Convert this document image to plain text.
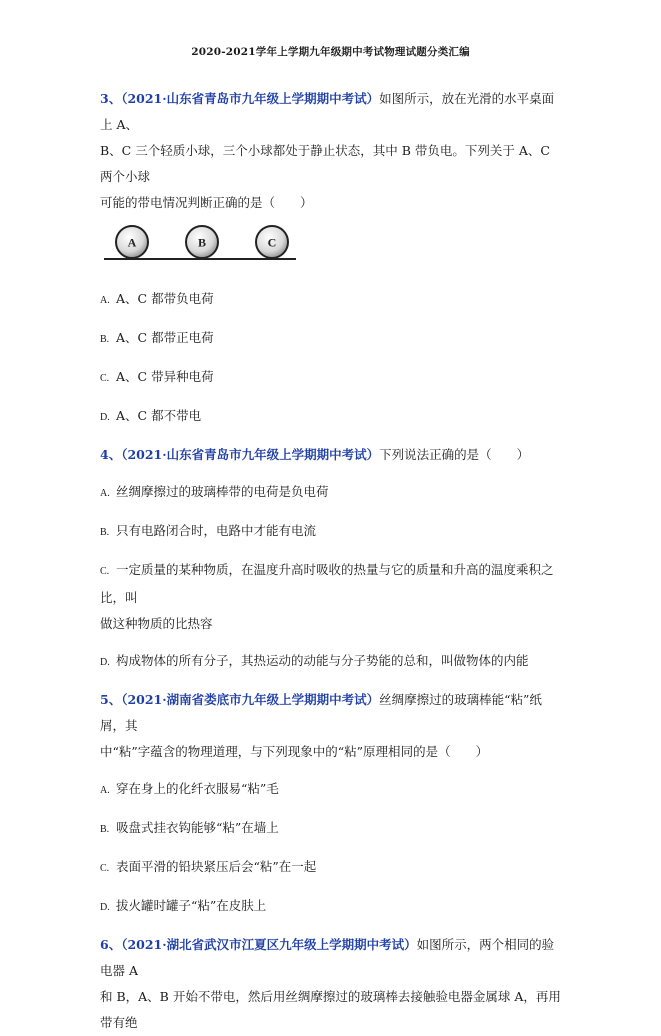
2020-2021学年上学期九年级期中考试物理试题分类汇编

3、（2021·山东省青岛市九年级上学期期中考试）如图所示，放在光滑的水平桌面上 A、
B、C 三个轻质小球，三个小球都处于静止状态，其中 B 带负电。下列关于 A、C 两个小球
可能的带电情况判断正确的是（　　）

A	B	C

A. A、C 都带负电荷

B. A、C 都带正电荷

C. A、C 带异种电荷

D. A、C 都不带电

4、（2021·山东省青岛市九年级上学期期中考试）下列说法正确的是（　　）

A. 丝绸摩擦过的玻璃棒带的电荷是负电荷

B. 只有电路闭合时，电路中才能有电流

C. 一定质量的某种物质，在温度升高时吸收的热量与它的质量和升高的温度乘积之比，叫
做这种物质的比热容

D. 构成物体的所有分子，其热运动的动能与分子势能的总和，叫做物体的内能

5、（2021·湖南省娄底市九年级上学期期中考试）丝绸摩擦过的玻璃棒能“粘”纸屑，其
中“粘”字蕴含的物理道理，与下列现象中的“粘”原理相同的是（　　）

A. 穿在身上的化纤衣服易“粘”毛

B. 吸盘式挂衣钩能够“粘”在墙上

C. 表面平滑的铅块紧压后会“粘”在一起

D. 拔火罐时罐子“粘”在皮肤上

6、（2021·湖北省武汉市江夏区九年级上学期期中考试）如图所示，两个相同的验电器 A
和 B，A、B 开始不带电，然后用丝绸摩擦过的玻璃棒去接触验电器金属球 A，再用带有绝
